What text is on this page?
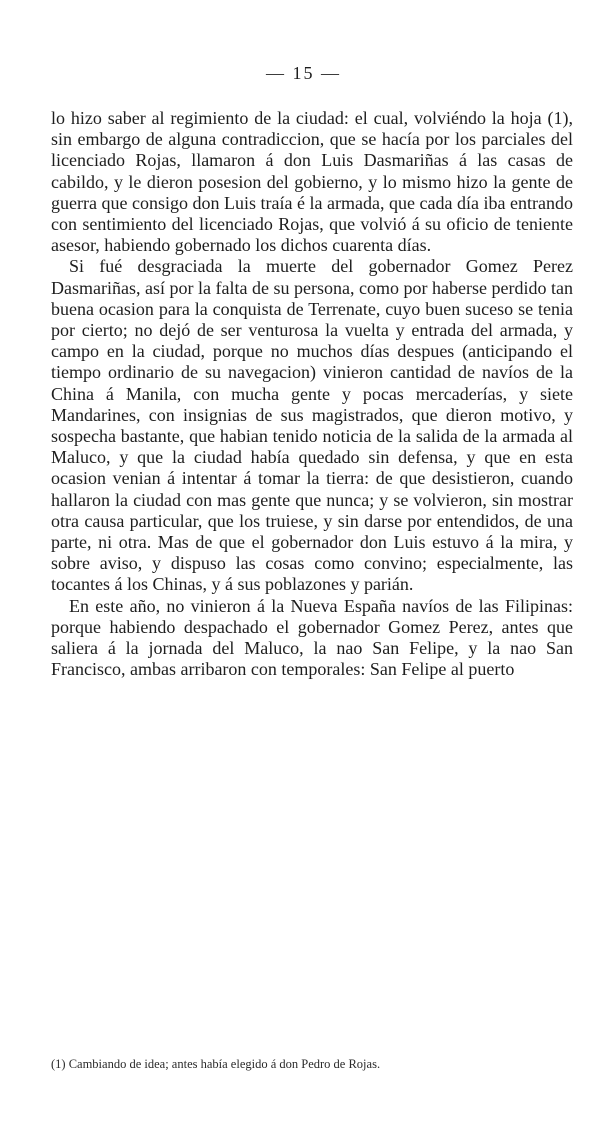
— 15 —

lo hizo saber al regimiento de la ciudad: el cual, volviéndo la hoja (1), sin embargo de alguna contradiccion, que se hacía por los parciales del licenciado Rojas, llamaron á don Luis Dasmariñas á las casas de cabildo, y le dieron posesion del gobierno, y lo mismo hizo la gente de guerra que consigo don Luis traía é la armada, que cada día iba entrando con sentimiento del licenciado Rojas, que volvió á su oficio de teniente asesor, habiendo gobernado los dichos cuarenta días.

Si fué desgraciada la muerte del gobernador Gomez Perez Dasmariñas, así por la falta de su persona, como por haberse perdido tan buena ocasion para la conquista de Terrenate, cuyo buen suceso se tenia por cierto; no dejó de ser venturosa la vuelta y entrada del armada, y campo en la ciudad, porque no muchos días despues (anticipando el tiempo ordinario de su navegacion) vinieron cantidad de navíos de la China á Manila, con mucha gente y pocas mercaderías, y siete Mandarines, con insignias de sus magistrados, que dieron motivo, y sospecha bastante, que habian tenido noticia de la salida de la armada al Maluco, y que la ciudad había quedado sin defensa, y que en esta ocasion venian á intentar á tomar la tierra: de que desistieron, cuando hallaron la ciudad con mas gente que nunca; y se volvieron, sin mostrar otra causa particular, que los truiese, y sin darse por entendidos, de una parte, ni otra. Mas de que el gobernador don Luis estuvo á la mira, y sobre aviso, y dispuso las cosas como convino; especialmente, las tocantes á los Chinas, y á sus poblazones y parián.

En este año, no vinieron á la Nueva España navíos de las Filipinas: porque habiendo despachado el gobernador Gomez Perez, antes que saliera á la jornada del Maluco, la nao San Felipe, y la nao San Francisco, ambas arribaron con temporales: San Felipe al puerto

(1) Cambiando de idea; antes había elegido á don Pedro de Rojas.
